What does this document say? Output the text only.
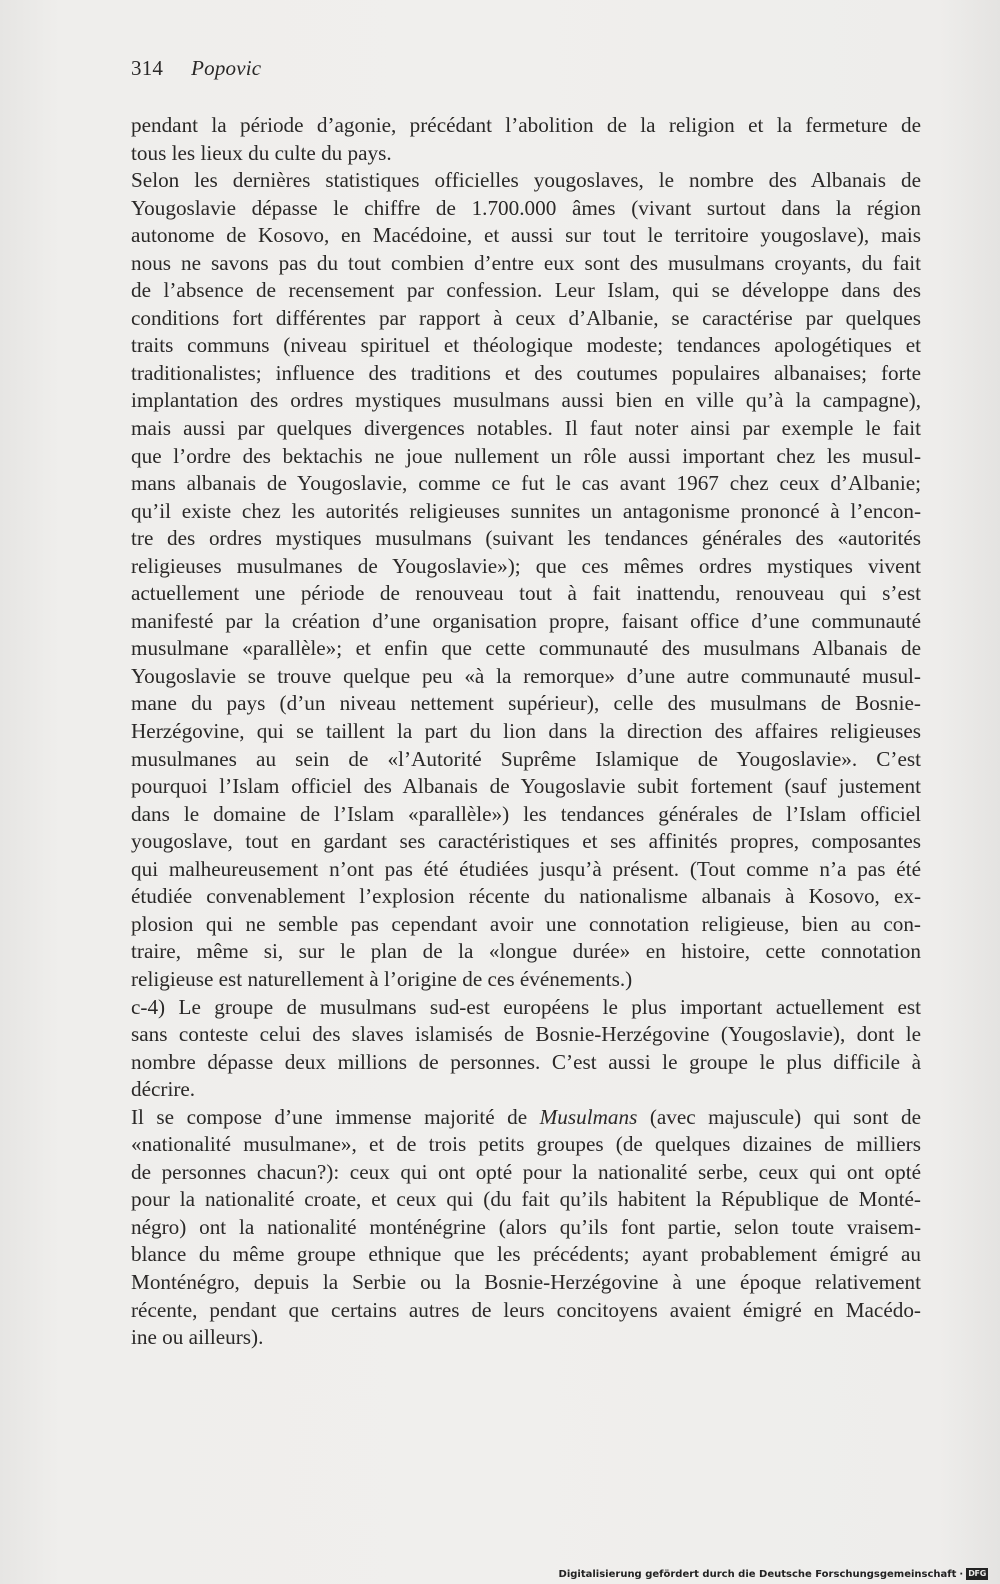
314 Popovic
pendant la période d’agonie, précédant l’abolition de la religion et la fermeture de
tous les lieux du culte du pays.
Selon les dernières statistiques officielles yougoslaves, le nombre des Albanais de
Yougoslavie dépasse le chiffre de 1.700.000 âmes (vivant surtout dans la région
autonome de Kosovo, en Macédoine, et aussi sur tout le territoire yougoslave), mais
nous ne savons pas du tout combien d’entre eux sont des musulmans croyants, du fait
de l’absence de recensement par confession. Leur Islam, qui se développe dans des
conditions fort différentes par rapport à ceux d’Albanie, se caractérise par quelques
traits communs (niveau spirituel et théologique modeste; tendances apologétiques et
traditionalistes; influence des traditions et des coutumes populaires albanaises; forte
implantation des ordres mystiques musulmans aussi bien en ville qu’à la campagne),
mais aussi par quelques divergences notables. Il faut noter ainsi par exemple le fait
que l’ordre des bektachis ne joue nullement un rôle aussi important chez les musul-
mans albanais de Yougoslavie, comme ce fut le cas avant 1967 chez ceux d’Albanie;
qu’il existe chez les autorités religieuses sunnites un antagonisme prononcé à l’encon-
tre des ordres mystiques musulmans (suivant les tendances générales des «autorités
religieuses musulmanes de Yougoslavie»); que ces mêmes ordres mystiques vivent
actuellement une période de renouveau tout à fait inattendu, renouveau qui s’est
manifesté par la création d’une organisation propre, faisant office d’une communauté
musulmane «parallèle»; et enfin que cette communauté des musulmans Albanais de
Yougoslavie se trouve quelque peu «à la remorque» d’une autre communauté musul-
mane du pays (d’un niveau nettement supérieur), celle des musulmans de Bosnie-
Herzégovine, qui se taillent la part du lion dans la direction des affaires religieuses
musulmanes au sein de «l’Autorité Suprême Islamique de Yougoslavie». C’est
pourquoi l’Islam officiel des Albanais de Yougoslavie subit fortement (sauf justement
dans le domaine de l’Islam «parallèle») les tendances générales de l’Islam officiel
yougoslave, tout en gardant ses caractéristiques et ses affinités propres, composantes
qui malheureusement n’ont pas été étudiées jusqu’à présent. (Tout comme n’a pas été
étudiée convenablement l’explosion récente du nationalisme albanais à Kosovo, ex-
plosion qui ne semble pas cependant avoir une connotation religieuse, bien au con-
traire, même si, sur le plan de la «longue durée» en histoire, cette connotation
religieuse est naturellement à l’origine de ces événements.)
c-4) Le groupe de musulmans sud-est européens le plus important actuellement est
sans conteste celui des slaves islamisés de Bosnie-Herzégovine (Yougoslavie), dont le
nombre dépasse deux millions de personnes. C’est aussi le groupe le plus difficile à
décrire.
Il se compose d’une immense majorité de Musulmans (avec majuscule) qui sont de
«nationalité musulmane», et de trois petits groupes (de quelques dizaines de milliers
de personnes chacun?): ceux qui ont opté pour la nationalité serbe, ceux qui ont opté
pour la nationalité croate, et ceux qui (du fait qu’ils habitent la République de Monté-
négro) ont la nationalité monténégrine (alors qu’ils font partie, selon toute vraisem-
blance du même groupe ethnique que les précédents; ayant probablement émigré au
Monténégro, depuis la Serbie ou la Bosnie-Herzégovine à une époque relativement
récente, pendant que certains autres de leurs concitoyens avaient émigré en Macédo-
ine ou ailleurs).
Digitalisierung gefördert durch die Deutsche Forschungsgemeinschaft · DFG
